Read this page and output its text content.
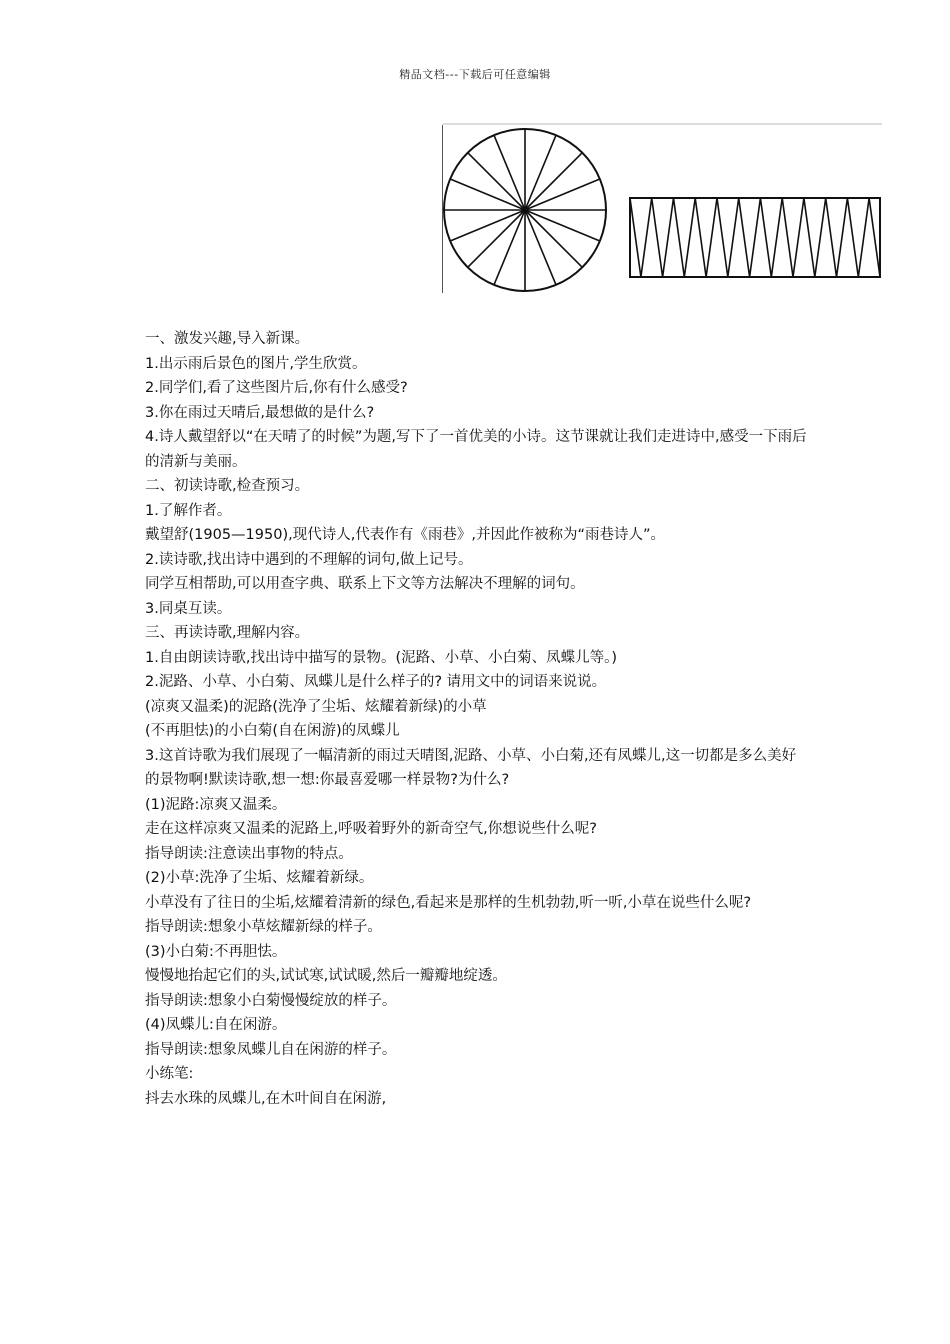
精品文档---下载后可任意编辑
一、激发兴趣,导入新课。
1.出示雨后景色的图片,学生欣赏。
2.同学们,看了这些图片后,你有什么感受?
3.你在雨过天晴后,最想做的是什么?
4.诗人戴望舒以“在天晴了的时候”为题,写下了一首优美的小诗。这节课就让我们走进诗中,感受一下雨后的清新与美丽。
二、初读诗歌,检查预习。
1.了解作者。
戴望舒(1905—1950),现代诗人,代表作有《雨巷》,并因此作被称为“雨巷诗人”。
2.读诗歌,找出诗中遇到的不理解的词句,做上记号。
同学互相帮助,可以用查字典、联系上下文等方法解决不理解的词句。
3.同桌互读。
三、再读诗歌,理解内容。
1.自由朗读诗歌,找出诗中描写的景物。(泥路、小草、小白菊、凤蝶儿等。)
2.泥路、小草、小白菊、凤蝶儿是什么样子的? 请用文中的词语来说说。
(凉爽又温柔)的泥路(洗净了尘垢、炫耀着新绿)的小草
(不再胆怯)的小白菊(自在闲游)的凤蝶儿
3.这首诗歌为我们展现了一幅清新的雨过天晴图,泥路、小草、小白菊,还有凤蝶儿,这一切都是多么美好的景物啊!默读诗歌,想一想:你最喜爱哪一样景物?为什么?
(1)泥路:凉爽又温柔。
走在这样凉爽又温柔的泥路上,呼吸着野外的新奇空气,你想说些什么呢?
指导朗读:注意读出事物的特点。
(2)小草:洗净了尘垢、炫耀着新绿。
小草没有了往日的尘垢,炫耀着清新的绿色,看起来是那样的生机勃勃,听一听,小草在说些什么呢?
指导朗读:想象小草炫耀新绿的样子。
(3)小白菊:不再胆怯。
慢慢地抬起它们的头,试试寒,试试暖,然后一瓣瓣地绽透。
指导朗读:想象小白菊慢慢绽放的样子。
(4)凤蝶儿:自在闲游。
指导朗读:想象凤蝶儿自在闲游的样子。
小练笔:
抖去水珠的凤蝶儿,在木叶间自在闲游,
